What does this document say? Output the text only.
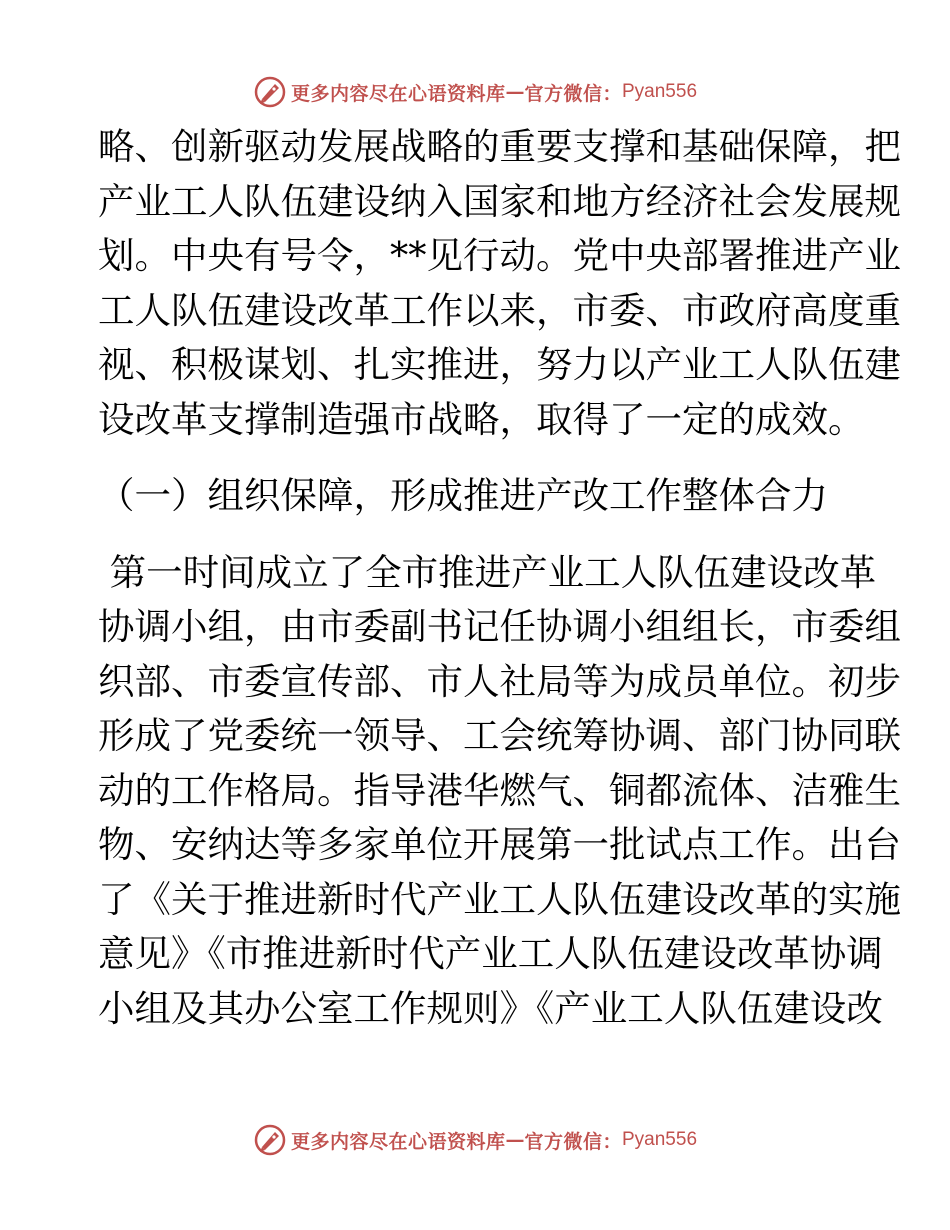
更多内容尽在心语资料库 — 官方微信： Pyan556
略、创新驱动发展战略的重要支撑和基础保障，把
产业工人队伍建设纳入国家和地方经济社会发展规
划。中央有号令，**见行动。党中央部署推进产业
工人队伍建设改革工作以来，市委、市政府高度重
视、积极谋划、扎实推进，努力以产业工人队伍建
设改革支撑制造强市战略，取得了一定的成效。
（一）组织保障，形成推进产改工作整体合力
第一时间成立了全市推进产业工人队伍建设改革
协调小组，由市委副书记任协调小组组长，市委组
织部、市委宣传部、市人社局等为成员单位。初步
形成了党委统一领导、工会统筹协调、部门协同联
动的工作格局。指导港华燃气、铜都流体、洁雅生
物、安纳达等多家单位开展第一批试点工作。出台
了《关于推进新时代产业工人队伍建设改革的实施
意见》《市推进新时代产业工人队伍建设改革协调
小组及其办公室工作规则》《产业工人队伍建设改
更多内容尽在心语资料库 — 官方微信： Pyan556
